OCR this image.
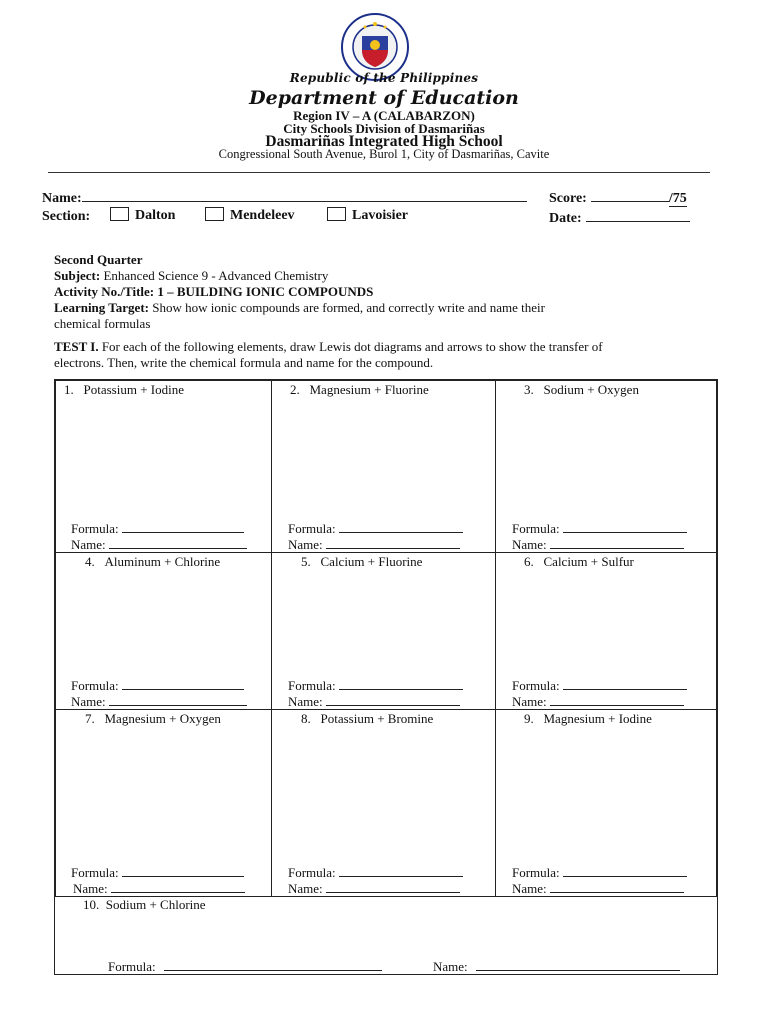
Republic of the Philippines
Department of Education
Region IV – A (CALABARZON)
City Schools Division of Dasmariñas
Dasmariñas Integrated High School
Congressional South Avenue, Burol 1, City of Dasmariñas, Cavite
Name:	Score:	/75
Section:	Dalton	Mendeleev	Lavoisier	Date:
Second Quarter
Subject: Enhanced Science 9 - Advanced Chemistry
Activity No./Title: 1 – BUILDING IONIC COMPOUNDS
Learning Target: Show how ionic compounds are formed, and correctly write and name their
chemical formulas
TEST I. For each of the following elements, draw Lewis dot diagrams and arrows to show the transfer of
electrons. Then, write the chemical formula and name for the compound.
1. Potassium + Iodine
Formula:
Name:
2. Magnesium + Fluorine
Formula:
Name:
3. Sodium + Oxygen
Formula:
Name:
4. Aluminum + Chlorine
Formula:
Name:
5. Calcium + Fluorine
Formula:
Name:
6. Calcium + Sulfur
Formula:
Name:
7. Magnesium + Oxygen
Formula:
Name:
8. Potassium + Bromine
Formula:
Name:
9. Magnesium + Iodine
Formula:
Name:
10. Sodium + Chlorine
Formula:	Name:
